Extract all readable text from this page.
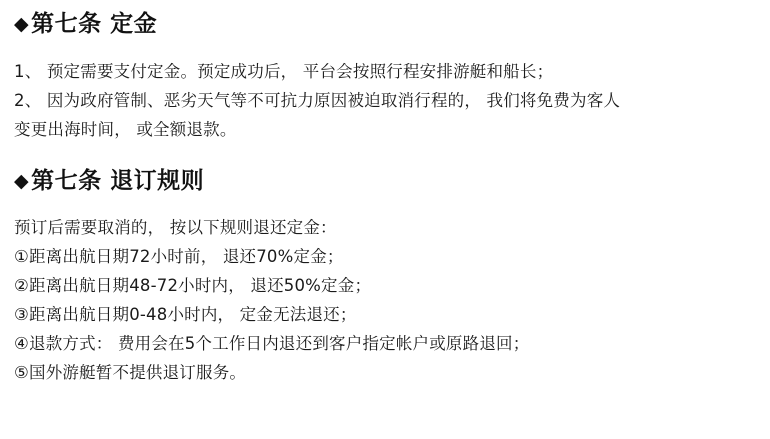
◆ 第七条 定金

1、 预定需要支付定金。预定成功后， 平台会按照行程安排游艇和船长；

2、 因为政府管制、恶劣天气等不可抗力原因被迫取消行程的， 我们将免费为客人

变更出海时间， 或全额退款。

◆ 第七条 退订规则

预订后需要取消的， 按以下规则退还定金：

①距离出航日期72小时前， 退还70%定金；

②距离出航日期48-72小时内， 退还50%定金；

③距离出航日期0-48小时内， 定金无法退还；

④退款方式： 费用会在5个工作日内退还到客户指定帐户或原路退回；

⑤国外游艇暂不提供退订服务。
